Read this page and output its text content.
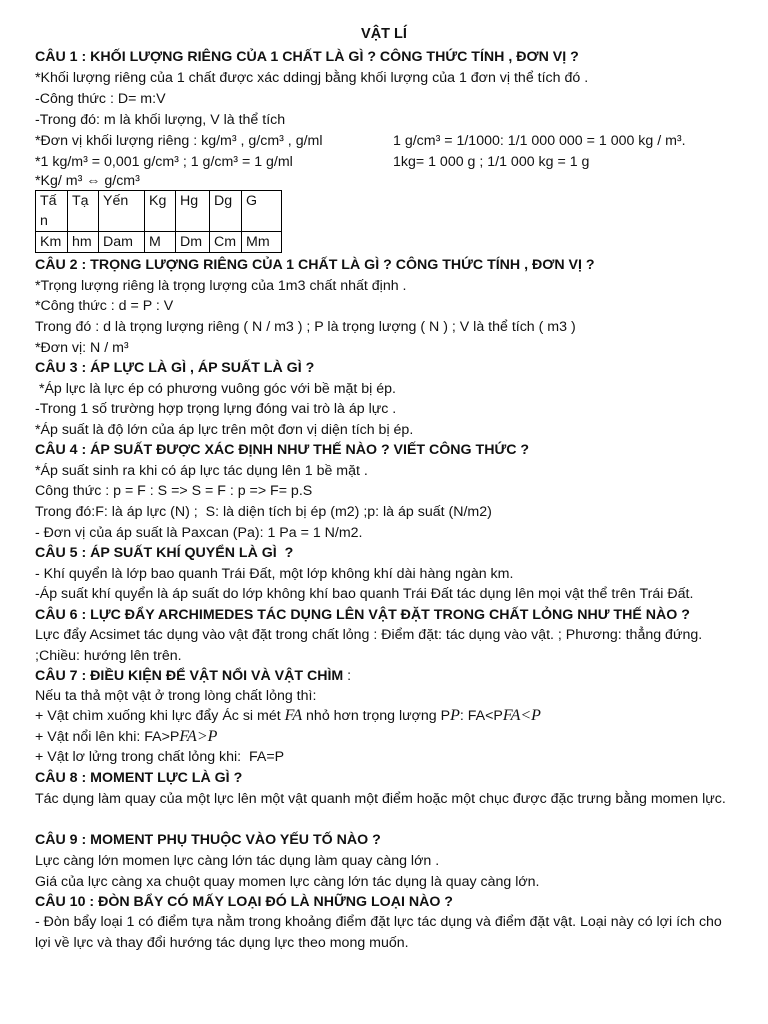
VẬT LÍ
CÂU 1 : KHỐI LƯỢNG RIÊNG CỦA 1 CHẤT LÀ GÌ ? CÔNG THỨC TÍNH , ĐƠN VỊ ?
*Khối lượng riêng của 1 chất được xác ddingj bằng khối lượng của 1 đơn vị thể tích đó .
-Công thức : D= m:V
-Trong đó: m là khối lượng, V là thể tích
*Đơn vị khối lượng riêng : kg/m³ , g/cm³ , g/ml	1 g/cm³ = 1/1000: 1/1 000 000 = 1 000 kg / m³.
*1 kg/m³ = 0,001 g/cm³ ; 1 g/cm³ = 1 g/ml	1kg= 1 000 g ; 1/1 000 kg = 1 g
*Kg/ m³ ⇔ g/cm³
Tấ n	Tạ	Yến	Kg	Hg	Dg	G
Km	hm	Dam	M	Dm	Cm	Mm
CÂU 2 : TRỌNG LƯỢNG RIÊNG CỦA 1 CHẤT LÀ GÌ ? CÔNG THỨC TÍNH , ĐƠN VỊ ?
*Trọng lượng riêng là trọng lượng của 1m3 chất nhất định .
*Công thức : d = P : V
Trong đó : d là trọng lượng riêng ( N / m3 ) ; P là trọng lượng ( N ) ; V là thể tích ( m3 )
*Đơn vị: N / m³
CÂU 3 : ÁP LỰC LÀ GÌ , ÁP SUẤT LÀ GÌ ?
*Áp lực là lực ép có phương vuông góc với bề mặt bị ép.
-Trong 1 số trường hợp trọng lựng đóng vai trò là áp lực .
*Áp suất là độ lớn của áp lực trên một đơn vị diện tích bị ép.
CÂU 4 : ÁP SUẤT ĐƯỢC XÁC ĐỊNH NHƯ THẾ NÀO ? VIẾT CÔNG THỨC ?
*Áp suất sinh ra khi có áp lực tác dụng lên 1 bề mặt .
Công thức : p = F : S => S = F : p => F= p.S
Trong đó:F: là áp lực (N) ;  S: là diện tích bị ép (m2) ;p: là áp suất (N/m2)
- Đơn vị của áp suất là Paxcan (Pa): 1 Pa = 1 N/m2.
CÂU 5 : ÁP SUẤT KHÍ QUYỂN LÀ GÌ  ?
- Khí quyển là lớp bao quanh Trái Đất, một lớp không khí dài hàng ngàn km.
-Áp suất khí quyển là áp suất do lớp không khí bao quanh Trái Đất tác dụng lên mọi vật thể trên Trái Đất.
CÂU 6 : LỰC ĐẨY ARCHIMEDES TÁC DỤNG LÊN VẬT ĐẶT TRONG CHẤT LỎNG NHƯ THẾ NÀO ?
Lực đẩy Acsimet tác dụng vào vật đặt trong chất lỏng : Điểm đặt: tác dụng vào vật. ; Phương: thẳng đứng. ;Chiều: hướng lên trên.
CÂU 7 : ĐIỀU KIỆN ĐỂ VẬT NỔI VÀ VẬT CHÌM :
Nếu ta thả một vật ở trong lòng chất lỏng thì:
+ Vật chìm xuống khi lực đẩy Ác si mét FA nhỏ hơn trọng lượng PP: FA<PFA<P
+ Vật nổi lên khi: FA>PFA>P
+ Vật lơ lửng trong chất lỏng khi:  FA=P
CÂU 8 : MOMENT LỰC LÀ GÌ ?
Tác dụng làm quay của một lực lên một vật quanh một điểm hoặc một chục được đặc trưng bằng momen lực.
CÂU 9 : MOMENT PHỤ THUỘC VÀO YẾU TỐ NÀO ?
Lực càng lớn momen lực càng lớn tác dụng làm quay càng lớn .
Giá của lực càng xa chuột quay momen lực càng lớn tác dụng là quay càng lớn.
CÂU 10 : ĐÒN BẨY CÓ MẤY LOẠI ĐÓ LÀ NHỮNG LOẠI NÀO ?
- Đòn bẩy loại 1 có điểm tựa nằm trong khoảng điểm đặt lực tác dụng và điểm đặt vật. Loại này có lợi ích cho lợi về lực và thay đổi hướng tác dụng lực theo mong muốn.
